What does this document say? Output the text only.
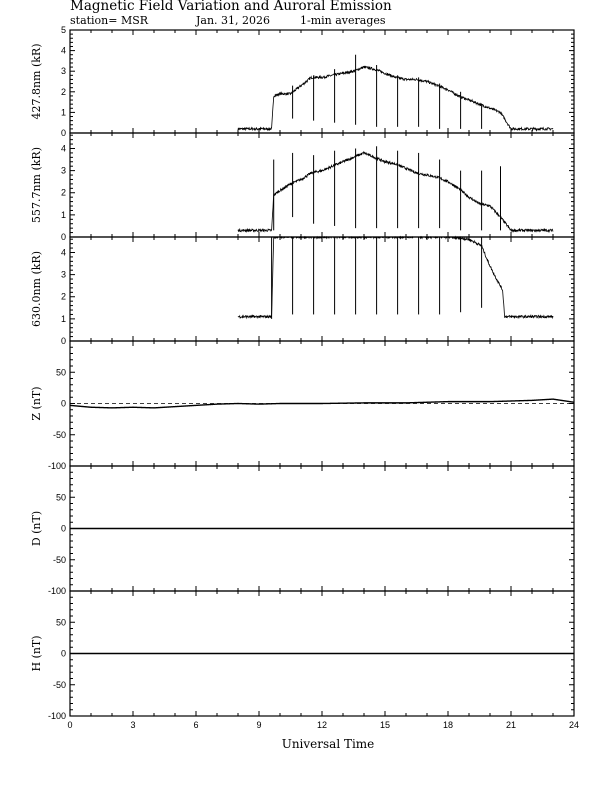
Magnetic Field Variation and Auroral Emission
station= MSR	Jan. 31, 2026	1-min averages
0
1
2
3
4
5
427.8nm (kR)
0
1
2
3
4
557.7nm (kR)
0
1
2
3
4
630.0nm (kR)
-100
-50
0
50
Z (nT)
-100
-50
0
50
D (nT)
-100
-50
0
50
H (nT)
0	3	6	9	12	15	18	21	24
Universal Time
